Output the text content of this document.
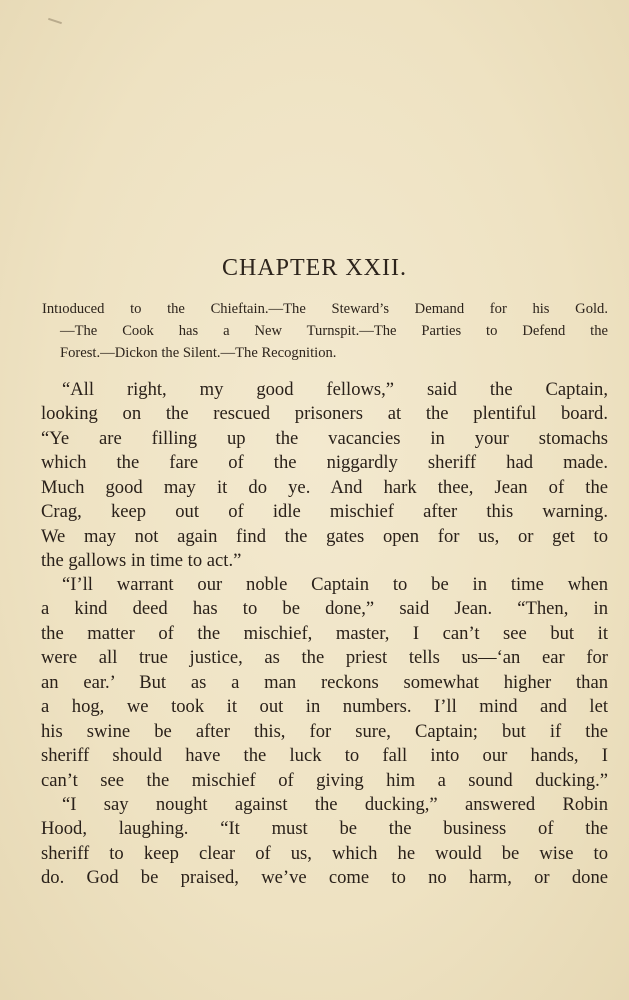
CHAPTER XXII.
Intıoduced to the Chieftain.—The Steward’s Demand for his Gold.
—The Cook has a New Turnspit.—The Parties to Defend the
Forest.—Dickon the Silent.—The Recognition.
“All right, my good fellows,” said the Captain,
looking on the rescued prisoners at the plentiful board.
“Ye are filling up the vacancies in your stomachs
which the fare of the niggardly sheriff had made.
Much good may it do ye. And hark thee, Jean of the
Crag, keep out of idle mischief after this warning.
We may not again find the gates open for us, or get to
the gallows in time to act.”
“I’ll warrant our noble Captain to be in time when
a kind deed has to be done,” said Jean. “Then, in
the matter of the mischief, master, I can’t see but it
were all true justice, as the priest tells us—‘an ear for
an ear.’ But as a man reckons somewhat higher than
a hog, we took it out in numbers. I’ll mind and let
his swine be after this, for sure, Captain; but if the
sheriff should have the luck to fall into our hands, I
can’t see the mischief of giving him a sound ducking.”
“I say nought against the ducking,” answered Robin
Hood, laughing. “It must be the business of the
sheriff to keep clear of us, which he would be wise to
do. God be praised, we’ve come to no harm, or done
